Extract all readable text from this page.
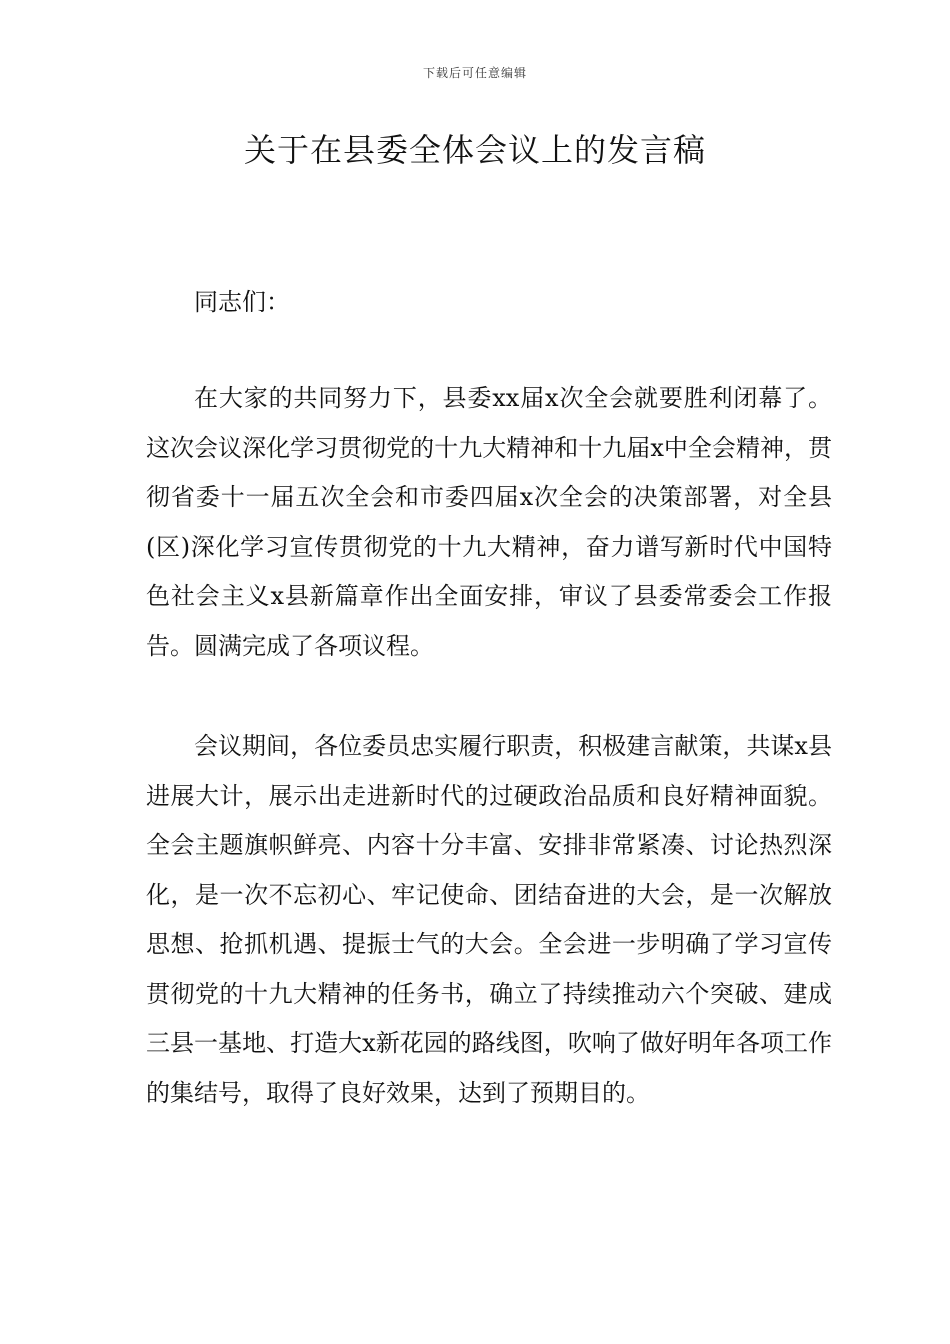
下载后可任意编辑
关于在县委全体会议上的发言稿
同志们：

在大家的共同努力下，县委xx届x次全会就要胜利闭幕了。这次会议深化学习贯彻党的十九大精神和十九届x中全会精神，贯彻省委十一届五次全会和市委四届x次全会的决策部署，对全县(区)深化学习宣传贯彻党的十九大精神，奋力谱写新时代中国特色社会主义x县新篇章作出全面安排，审议了县委常委会工作报告。圆满完成了各项议程。

会议期间，各位委员忠实履行职责，积极建言献策，共谋x县进展大计，展示出走进新时代的过硬政治品质和良好精神面貌。全会主题旗帜鲜亮、内容十分丰富、安排非常紧凑、讨论热烈深化，是一次不忘初心、牢记使命、团结奋进的大会，是一次解放思想、抢抓机遇、提振士气的大会。全会进一步明确了学习宣传贯彻党的十九大精神的任务书，确立了持续推动六个突破、建成三县一基地、打造大x新花园的路线图，吹响了做好明年各项工作的集结号，取得了良好效果，达到了预期目的。
